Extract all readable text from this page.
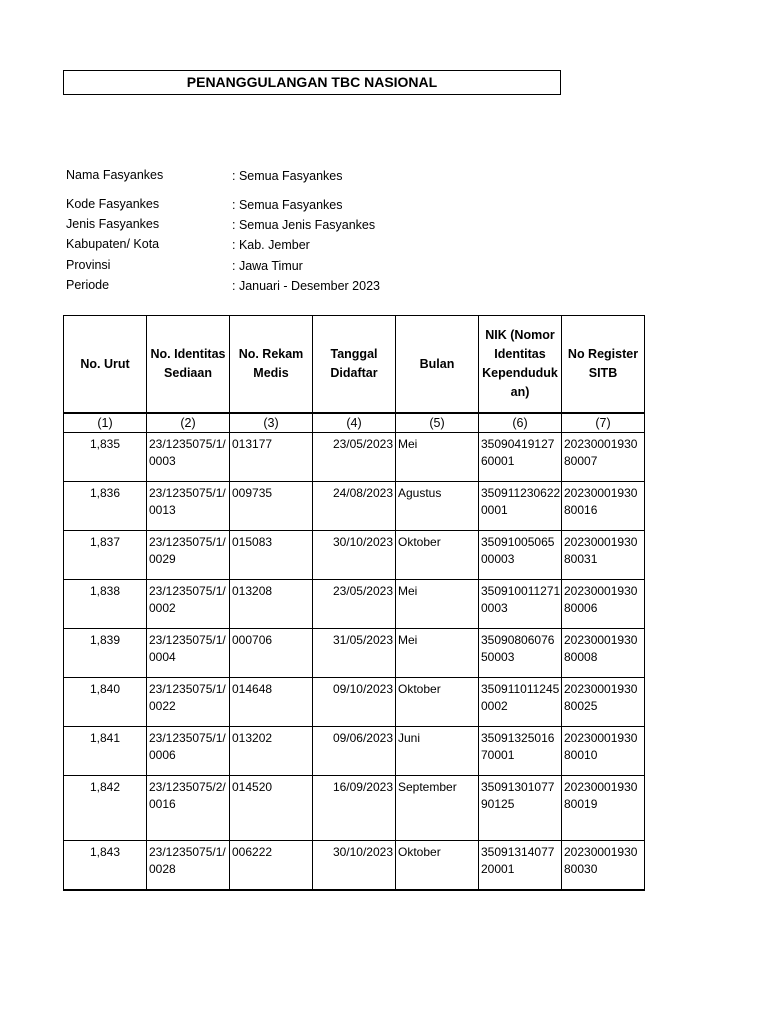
PENANGGULANGAN TBC NASIONAL
Nama Fasyankes	: Semua Fasyankes
Kode Fasyankes	: Semua Fasyankes
Jenis Fasyankes	: Semua Jenis Fasyankes
Kabupaten/ Kota	: Kab. Jember
Provinsi	: Jawa Timur
Periode	: Januari - Desember 2023
No. Urut	No. Identitas Sediaan	No. Rekam Medis	Tanggal Didaftar	Bulan	NIK (Nomor Identitas Kependuduk an)	No Register SITB
(1)	(2)	(3)	(4)	(5)	(6)	(7)
1,835	23/1235075/1/0003	013177	23/05/2023	Mei	3509041912760001	2023000193080007
1,836	23/1235075/1/0013	009735	24/08/2023	Agustus	3509112306220001	2023000193080016
1,837	23/1235075/1/0029	015083	30/10/2023	Oktober	3509100506500003	2023000193080031
1,838	23/1235075/1/0002	013208	23/05/2023	Mei	3509100112710003	2023000193080006
1,839	23/1235075/1/0004	000706	31/05/2023	Mei	3509080607650003	2023000193080008
1,840	23/1235075/1/0022	014648	09/10/2023	Oktober	3509110112450002	2023000193080025
1,841	23/1235075/1/0006	013202	09/06/2023	Juni	3509132501670001	2023000193080010
1,842	23/1235075/2/0016	014520	16/09/2023	September	3509130107790125	2023000193080019
1,843	23/1235075/1/0028	006222	30/10/2023	Oktober	3509131407720001	2023000193080030
